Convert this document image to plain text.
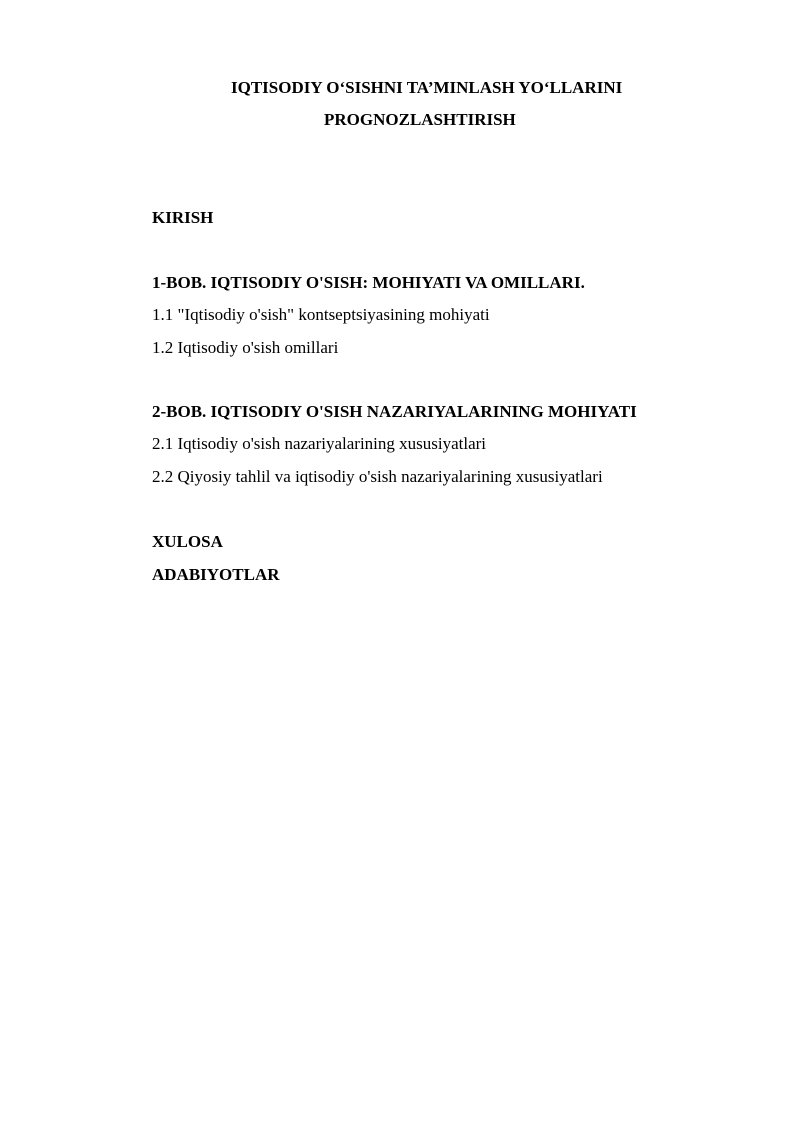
IQTISODIY O‘SISHNI TA’MINLASH YO‘LLARINI
PROGNOZLASHTIRISH
KIRISH
1-BOB. IQTISODIY O'SISH: MOHIYATI VA OMILLARI.
1.1 "Iqtisodiy o'sish" kontseptsiyasining mohiyati
1.2 Iqtisodiy o'sish omillari
2-BOB. IQTISODIY O'SISH NAZARIYALARINING MOHIYATI
2.1 Iqtisodiy o'sish nazariyalarining xususiyatlari
2.2 Qiyosiy tahlil va iqtisodiy o'sish nazariyalarining xususiyatlari
XULOSA
ADABIYOTLAR
